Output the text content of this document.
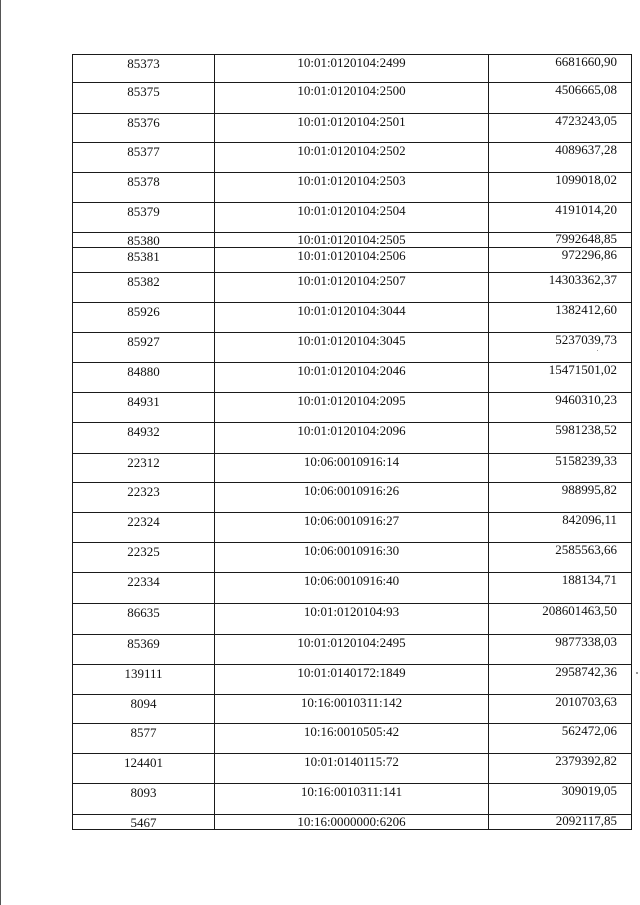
85373	10:01:0120104:2499	6681660,90
85375	10:01:0120104:2500	4506665,08
85376	10:01:0120104:2501	4723243,05
85377	10:01:0120104:2502	4089637,28
85378	10:01:0120104:2503	1099018,02
85379	10:01:0120104:2504	4191014,20
85380	10:01:0120104:2505	7992648,85
85381	10:01:0120104:2506	972296,86
85382	10:01:0120104:2507	14303362,37
85926	10:01:0120104:3044	1382412,60
85927	10:01:0120104:3045	5237039,73
84880	10:01:0120104:2046	15471501,02
84931	10:01:0120104:2095	9460310,23
84932	10:01:0120104:2096	5981238,52
22312	10:06:0010916:14	5158239,33
22323	10:06:0010916:26	988995,82
22324	10:06:0010916:27	842096,11
22325	10:06:0010916:30	2585563,66
22334	10:06:0010916:40	188134,71
86635	10:01:0120104:93	208601463,50
85369	10:01:0120104:2495	9877338,03
139111	10:01:0140172:1849	2958742,36
8094	10:16:0010311:142	2010703,63
8577	10:16:0010505:42	562472,06
124401	10:01:0140115:72	2379392,82
8093	10:16:0010311:141	309019,05
5467	10:16:0000000:6206	2092117,85
